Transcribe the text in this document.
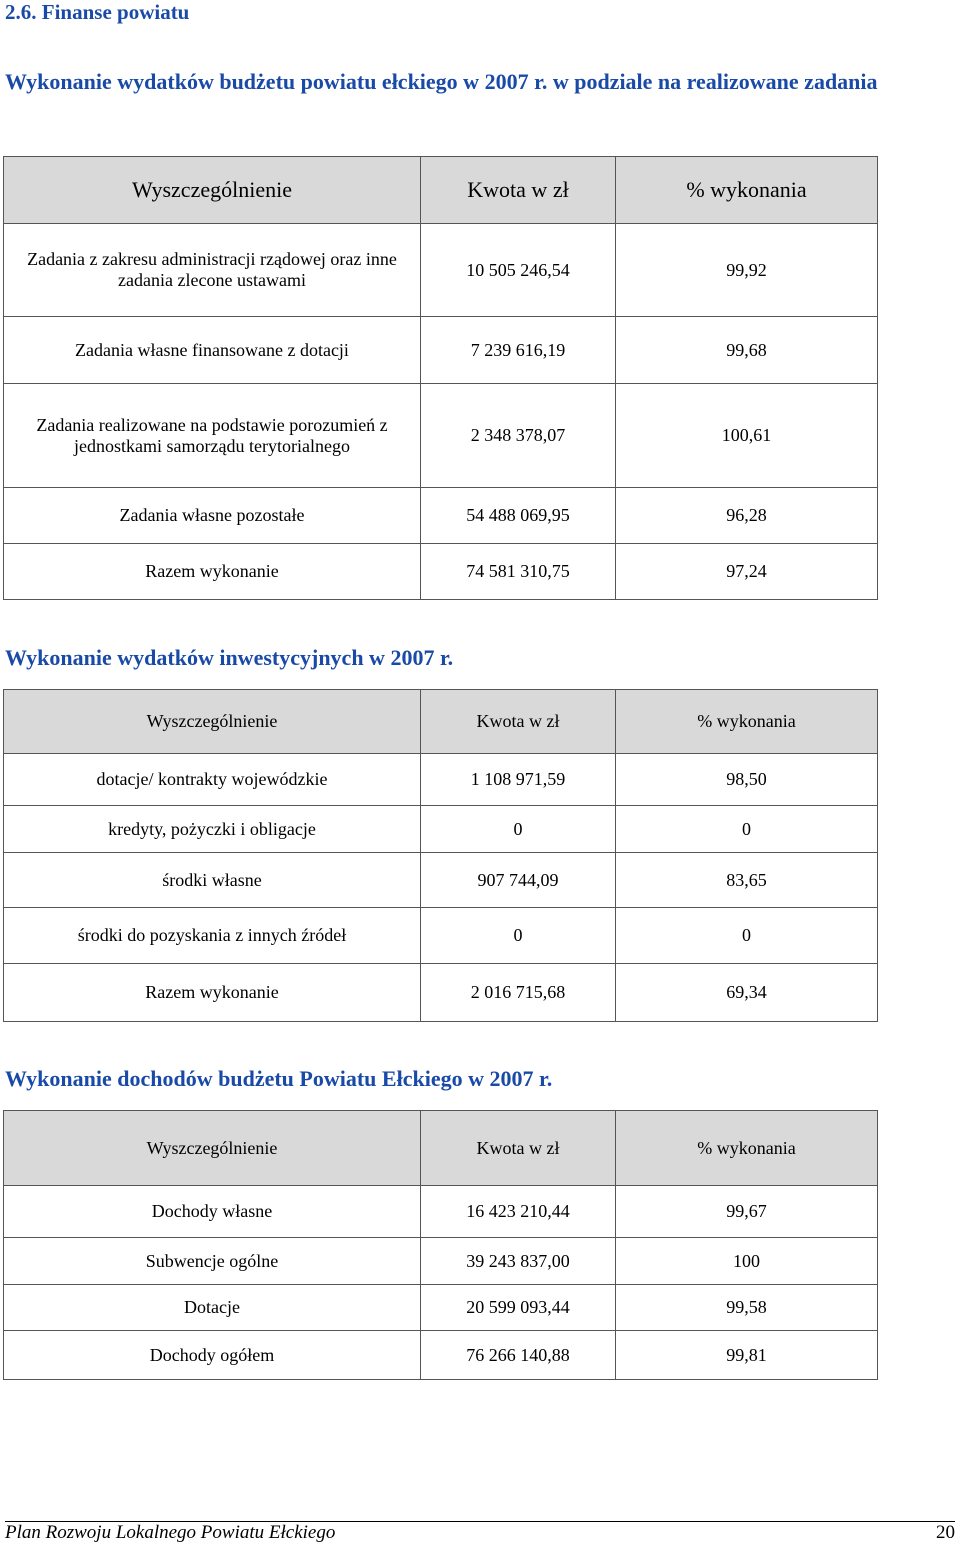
2.6. Finanse powiatu
Wykonanie wydatków budżetu powiatu ełckiego w 2007 r. w podziale na realizowane zadania
Wyszczególnienie	Kwota w zł	% wykonania
Zadania z zakresu administracji rządowej oraz inne zadania zlecone ustawami	10 505 246,54	99,92
Zadania własne finansowane z dotacji	7 239 616,19	99,68
Zadania realizowane na podstawie porozumień z jednostkami samorządu terytorialnego	2 348 378,07	100,61
Zadania własne pozostałe	54 488 069,95	96,28
Razem wykonanie	74 581 310,75	97,24
Wykonanie wydatków inwestycyjnych w 2007 r.
Wyszczególnienie	Kwota w zł	% wykonania
dotacje/ kontrakty wojewódzkie	1 108 971,59	98,50
kredyty, pożyczki i obligacje	0	0
środki własne	907 744,09	83,65
środki do pozyskania z innych źródeł	0	0
Razem wykonanie	2 016 715,68	69,34
Wykonanie dochodów budżetu Powiatu Ełckiego w 2007 r.
Wyszczególnienie	Kwota w zł	% wykonania
Dochody własne	16 423 210,44	99,67
Subwencje ogólne	39 243 837,00	100
Dotacje	20 599 093,44	99,58
Dochody ogółem	76 266 140,88	99,81
Plan Rozwoju Lokalnego Powiatu Ełckiego	20
